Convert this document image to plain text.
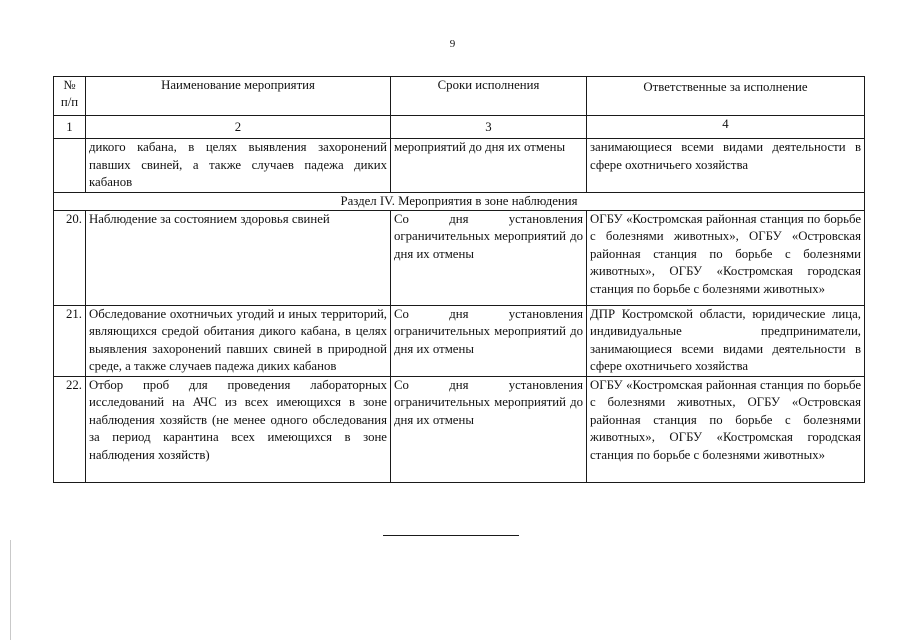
9
№ п/п	Наименование мероприятия	Сроки исполнения	Ответственные за исполнение
1	2	3	4
	дикого кабана, в целях выявления захоронений павших свиней, а также случаев падежа диких кабанов	мероприятий до дня их отмены	занимающиеся всеми видами деятельности в сфере охотничьего хозяйства
Раздел IV. Мероприятия в зоне наблюдения			
20.	Наблюдение за состоянием здоровья свиней	Со дня установления ограничительных мероприятий до дня их отмены	ОГБУ «Костромская районная станция по борьбе с болезнями животных», ОГБУ «Островская районная станция по борьбе с болезнями животных», ОГБУ «Костромская городская станция по борьбе с болезнями животных»
21.	Обследование охотничьих угодий и иных территорий, являющихся средой обитания дикого кабана, в целях выявления захоронений павших свиней в природной среде, а также случаев падежа диких кабанов	Со дня установления ограничительных мероприятий до дня их отмены	ДПР Костромской области, юридические лица, индивидуальные предприниматели, занимающиеся всеми видами деятельности в сфере охотничьего хозяйства
22.	Отбор проб для проведения лабораторных исследований на АЧС из всех имеющихся в зоне наблюдения хозяйств (не менее одного обследования за период карантина всех имеющихся в зоне наблюдения хозяйств)	Со дня установления ограничительных мероприятий до дня их отмены	ОГБУ «Костромская районная станция по борьбе с болезнями животных, ОГБУ «Островская районная станция по борьбе с болезнями животных», ОГБУ «Костромская городская станция по борьбе с болезнями животных»
